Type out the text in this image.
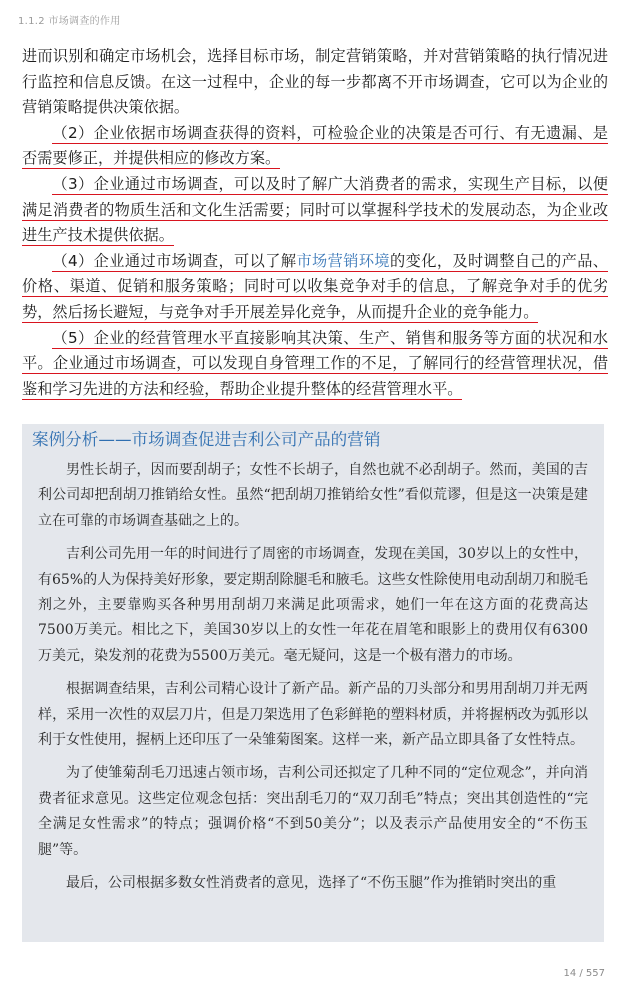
1.1.2 市场调查的作用

进而识别和确定市场机会，选择目标市场，制定营销策略，并对营销策略的执行情况进行监控和信息反馈。在这一过程中，企业的每一步都离不开市场调查，它可以为企业的营销策略提供决策依据。

（2）企业依据市场调查获得的资料，可检验企业的决策是否可行、有无遗漏、是否需要修正，并提供相应的修改方案。

（3）企业通过市场调查，可以及时了解广大消费者的需求，实现生产目标，以便满足消费者的物质生活和文化生活需要；同时可以掌握科学技术的发展动态，为企业改进生产技术提供依据。

（4）企业通过市场调查，可以了解市场营销环境的变化，及时调整自己的产品、价格、渠道、促销和服务策略；同时可以收集竞争对手的信息，了解竞争对手的优劣势，然后扬长避短，与竞争对手开展差异化竞争，从而提升企业的竞争能力。

（5）企业的经营管理水平直接影响其决策、生产、销售和服务等方面的状况和水平。企业通过市场调查，可以发现自身管理工作的不足，了解同行的经营管理状况，借鉴和学习先进的方法和经验，帮助企业提升整体的经营管理水平。

案例分析——市场调查促进吉利公司产品的营销

男性长胡子，因而要刮胡子；女性不长胡子，自然也就不必刮胡子。然而，美国的吉利公司却把刮胡刀推销给女性。虽然“把刮胡刀推销给女性”看似荒谬，但是这一决策是建立在可靠的市场调查基础之上的。

吉利公司先用一年的时间进行了周密的市场调查，发现在美国，30岁以上的女性中，有65%的人为保持美好形象，要定期刮除腿毛和腋毛。这些女性除使用电动刮胡刀和脱毛剂之外，主要靠购买各种男用刮胡刀来满足此项需求，她们一年在这方面的花费高达7500万美元。相比之下，美国30岁以上的女性一年花在眉笔和眼影上的费用仅有6300万美元，染发剂的花费为5500万美元。毫无疑问，这是一个极有潜力的市场。

根据调查结果，吉利公司精心设计了新产品。新产品的刀头部分和男用刮胡刀并无两样，采用一次性的双层刀片，但是刀架选用了色彩鲜艳的塑料材质，并将握柄改为弧形以利于女性使用，握柄上还印压了一朵雏菊图案。这样一来，新产品立即具备了女性特点。

为了使雏菊刮毛刀迅速占领市场，吉利公司还拟定了几种不同的“定位观念”，并向消费者征求意见。这些定位观念包括：突出刮毛刀的“双刀刮毛”特点；突出其创造性的“完全满足女性需求”的特点；强调价格“不到50美分”；以及表示产品使用安全的“不伤玉腿”等。

最后，公司根据多数女性消费者的意见，选择了“不伤玉腿”作为推销时突出的重

14 / 557
